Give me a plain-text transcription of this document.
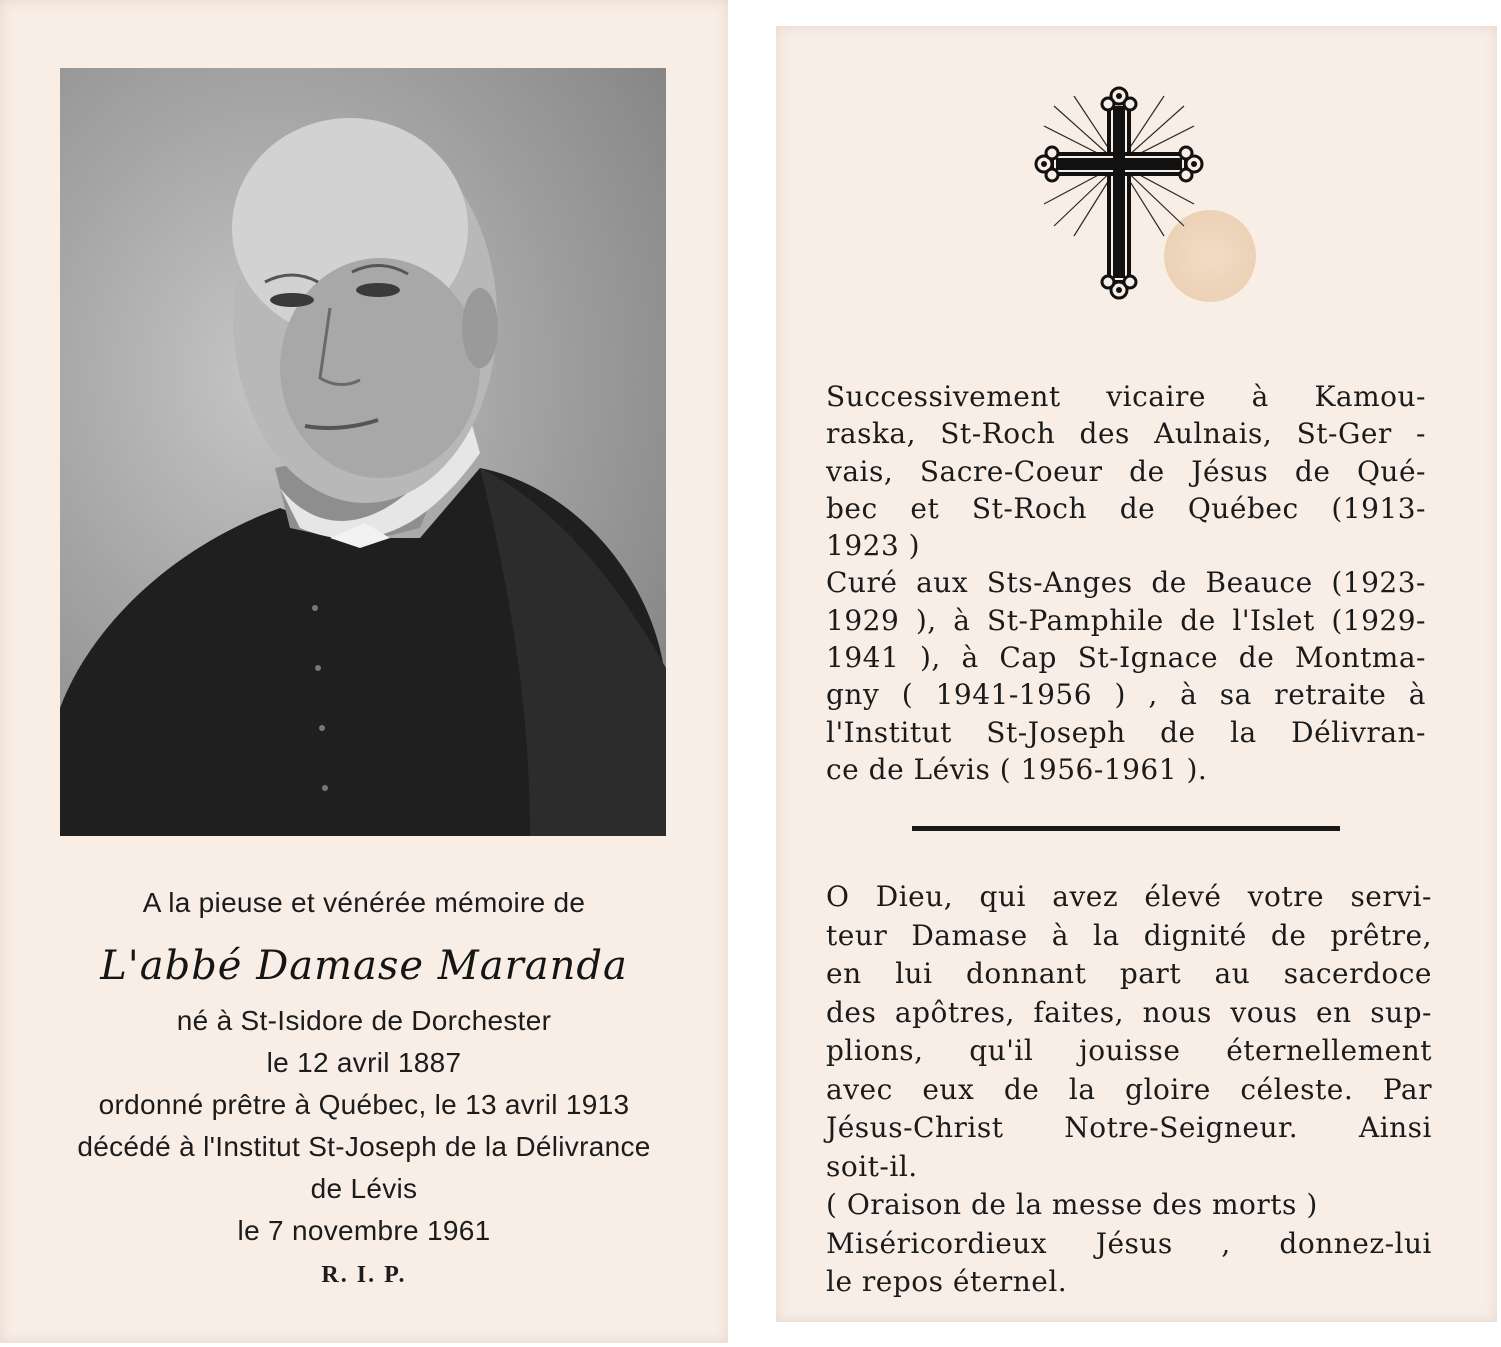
A la pieuse et vénérée mémoire de
L'abbé Damase Maranda
né à St-Isidore de Dorchester
le 12 avril 1887
ordonné prêtre à Québec, le 13 avril 1913
décédé à l'Institut St-Joseph de la Délivrance
de Lévis
le 7 novembre 1961
R. I. P.
Successivement vicaire à Kamou-
raska, St-Roch des Aulnais, St-Ger -
vais, Sacre-Coeur de Jésus de Qué-
bec et St-Roch de Québec (1913-
1923 )
Curé aux Sts-Anges de Beauce (1923-
1929 ), à St-Pamphile de l'Islet (1929-
1941 ), à Cap St-Ignace de Montma-
gny ( 1941-1956 ) , à sa retraite à
l'Institut St-Joseph de la Délivran-
ce de Lévis ( 1956-1961 ).
O Dieu, qui avez élevé votre servi-
teur Damase à la dignité de prêtre,
en lui donnant part au sacerdoce
des apôtres, faites, nous vous en sup-
plions, qu'il jouisse éternellement
avec eux de la gloire céleste. Par
Jésus-Christ Notre-Seigneur. Ainsi
soit-il.
( Oraison de la messe des morts )
Miséricordieux Jésus , donnez-lui
le repos éternel.
